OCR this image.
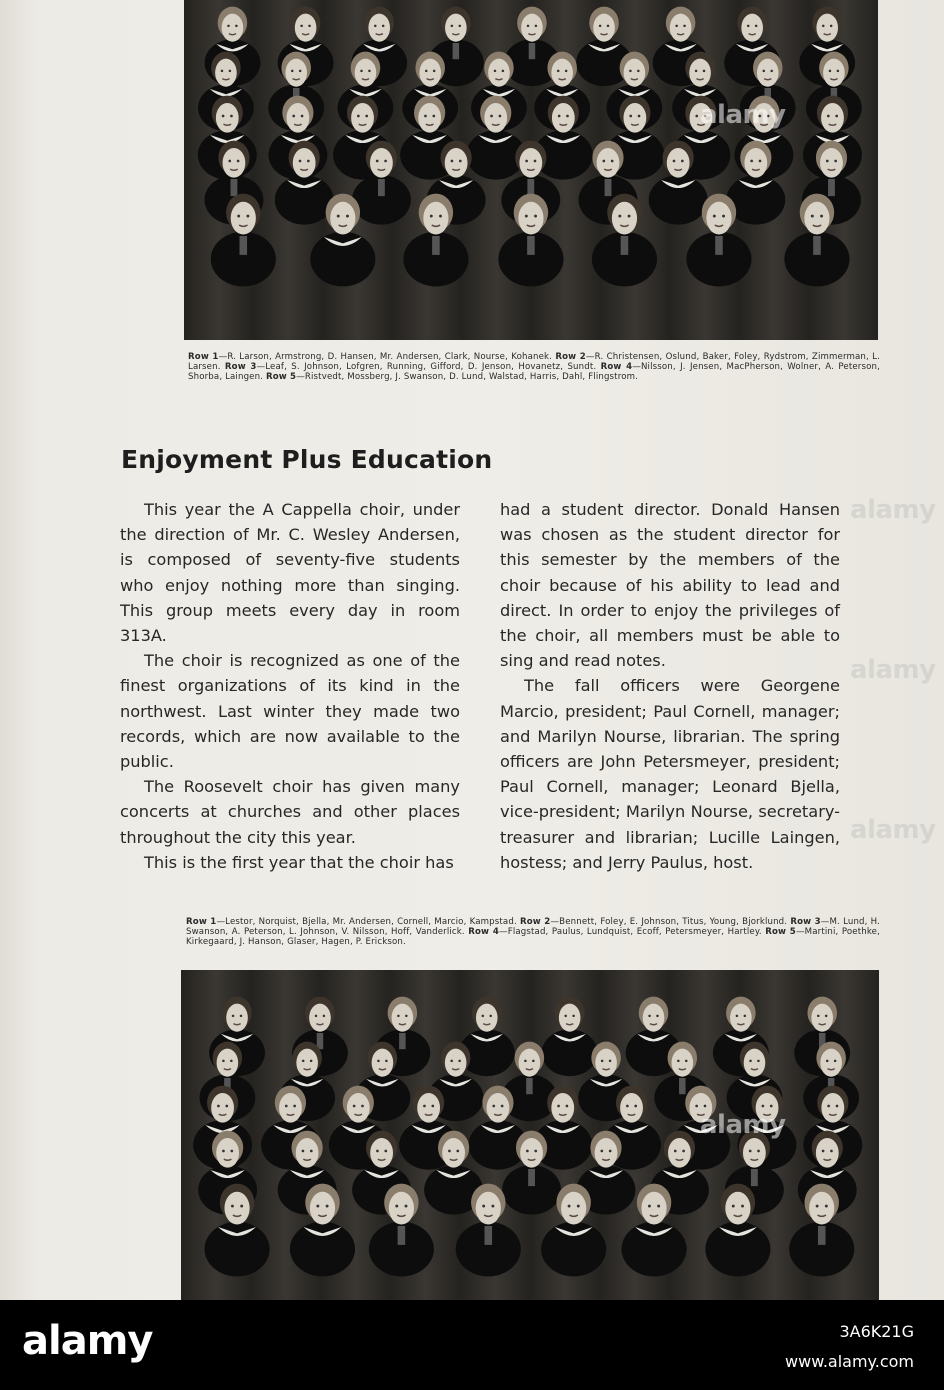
Row 1—R. Larson, Armstrong, D. Hansen, Mr. Andersen, Clark, Nourse, Kohanek. Row 2—R. Christensen, Oslund, Baker, Foley, Rydstrom, Zimmerman, L. Larsen. Row 3—Leaf, S. Johnson, Lofgren, Running, Gifford, D. Jenson, Hovanetz, Sundt. Row 4—Nilsson, J. Jensen, MacPherson, Wolner, A. Peterson, Shorba, Laingen. Row 5—Ristvedt, Mossberg, J. Swanson, D. Lund, Walstad, Harris, Dahl, Flingstrom.
Enjoyment Plus Education

This year the A Cappella choir, under the direction of Mr. C. Wesley Andersen, is composed of seventy-five students who enjoy nothing more than singing. This group meets every day in room 313A.

The choir is recognized as one of the finest organizations of its kind in the northwest. Last winter they made two records, which are now available to the public.

The Roosevelt choir has given many concerts at churches and other places throughout the city this year.

This is the first year that the choir has

had a student director. Donald Hansen was chosen as the student director for this semester by the members of the choir because of his ability to lead and direct. In order to enjoy the privileges of the choir, all members must be able to sing and read notes.

The fall officers were Georgene Marcio, president; Paul Cornell, manager; and Marilyn Nourse, librarian. The spring officers are John Petersmeyer, president; Paul Cornell, manager; Leonard Bjella, vice-president; Marilyn Nourse, secretary-treasurer and librarian; Lucille Laingen, hostess; and Jerry Paulus, host.

Row 1—Lestor, Norquist, Bjella, Mr. Andersen, Cornell, Marcio, Kampstad. Row 2—Bennett, Foley, E. Johnson, Titus, Young, Bjorklund. Row 3—M. Lund, H. Swanson, A. Peterson, L. Johnson, V. Nilsson, Hoff, Vanderlick. Row 4—Flagstad, Paulus, Lundquist, Ecoff, Petersmeyer, Hartley. Row 5—Martini, Poethke, Kirkegaard, J. Hanson, Glaser, Hagen, P. Erickson.
alamy
alamy
alamy
alamy
alamy
alamy	3A6K21G
www.alamy.com
